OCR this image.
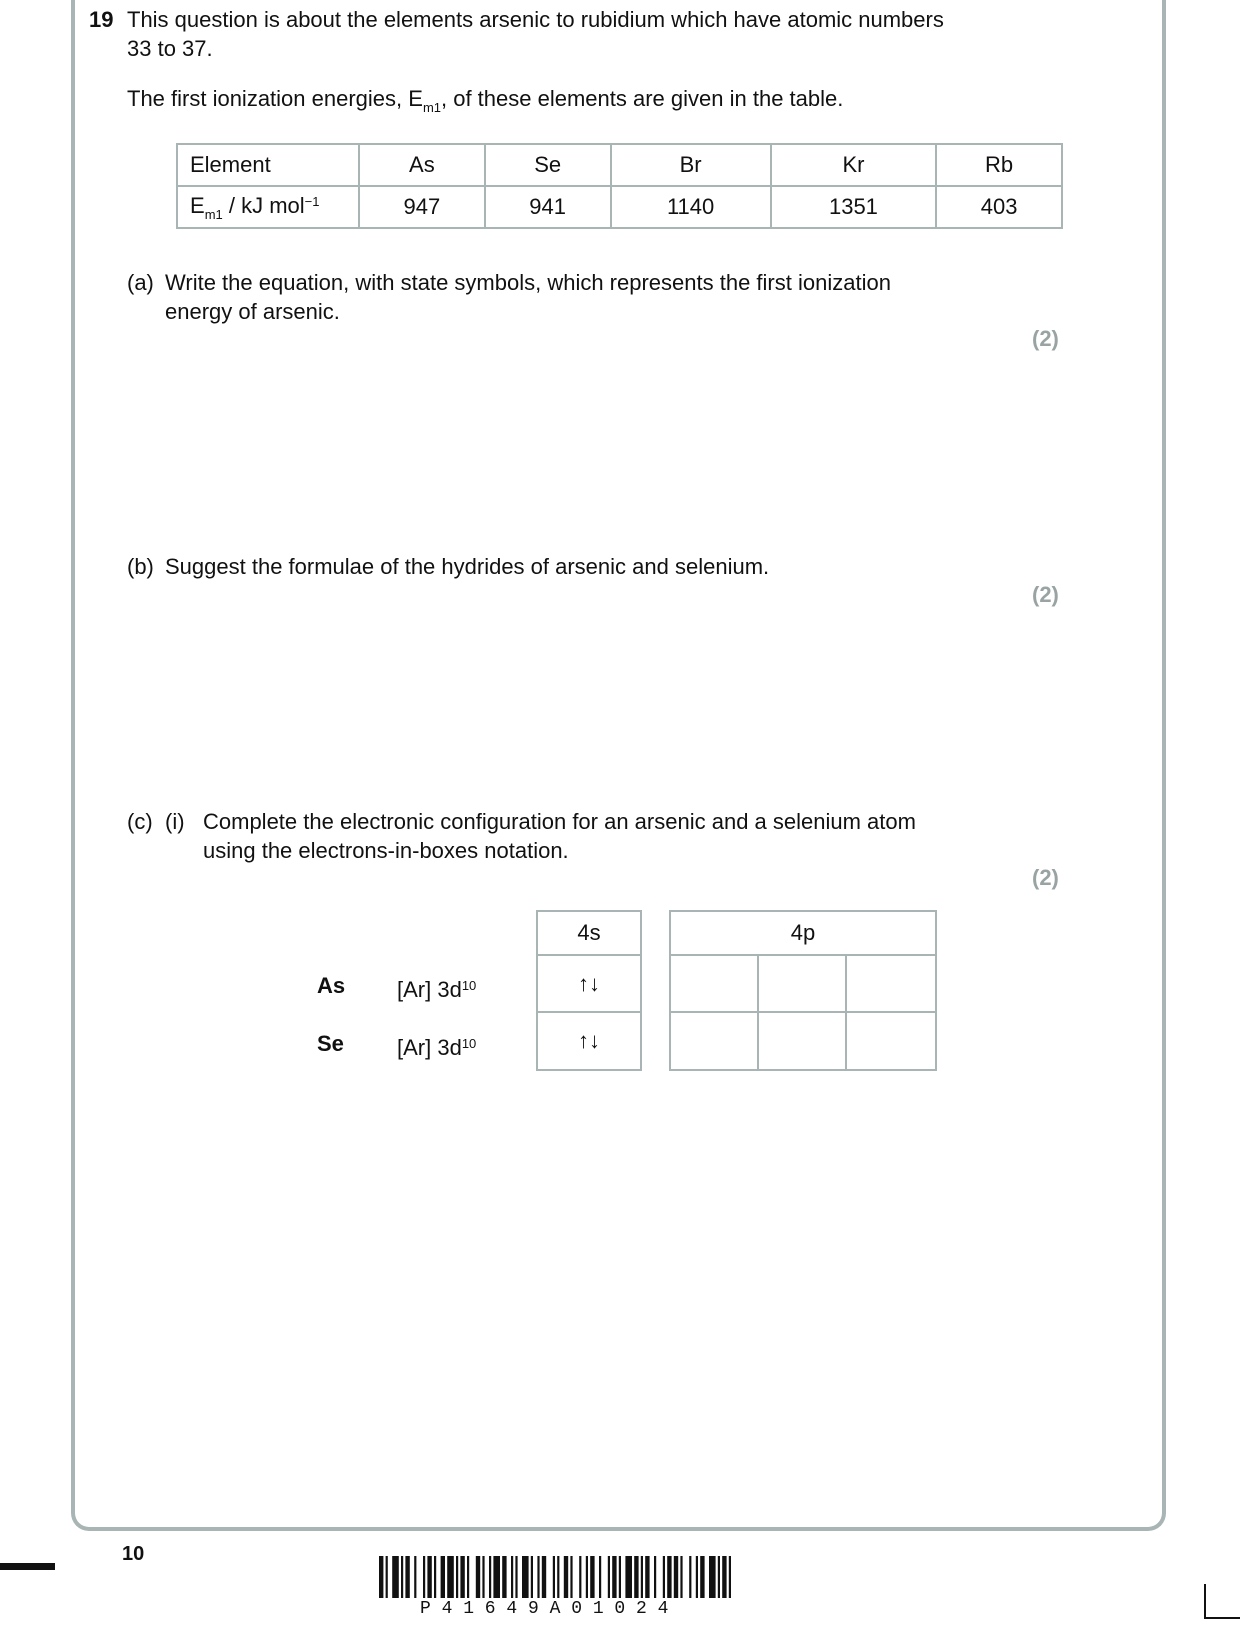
19 This question is about the elements arsenic to rubidium which have atomic numbers
33 to 37.
The first ionization energies, $E_{m1}$, of these elements are given in the table.
Element	As	Se	Br	Kr	Rb
$E_{m1}$ / kJ mol$^{-1}$	947	941	1140	1351	403
(a) Write the equation, with state symbols, which represents the first ionization
energy of arsenic.
(2)
(b) Suggest the formulae of the hydrides of arsenic and selenium.
(2)
(c) (i) Complete the electronic configuration for an arsenic and a selenium atom
using the electrons-in-boxes notation.
(2)
4s	4p
As [Ar] $3d^{10}$	↑↓
Se [Ar] $3d^{10}$	↑↓
10
P 4 1 6 4 9 A 0 1 0 2 4
